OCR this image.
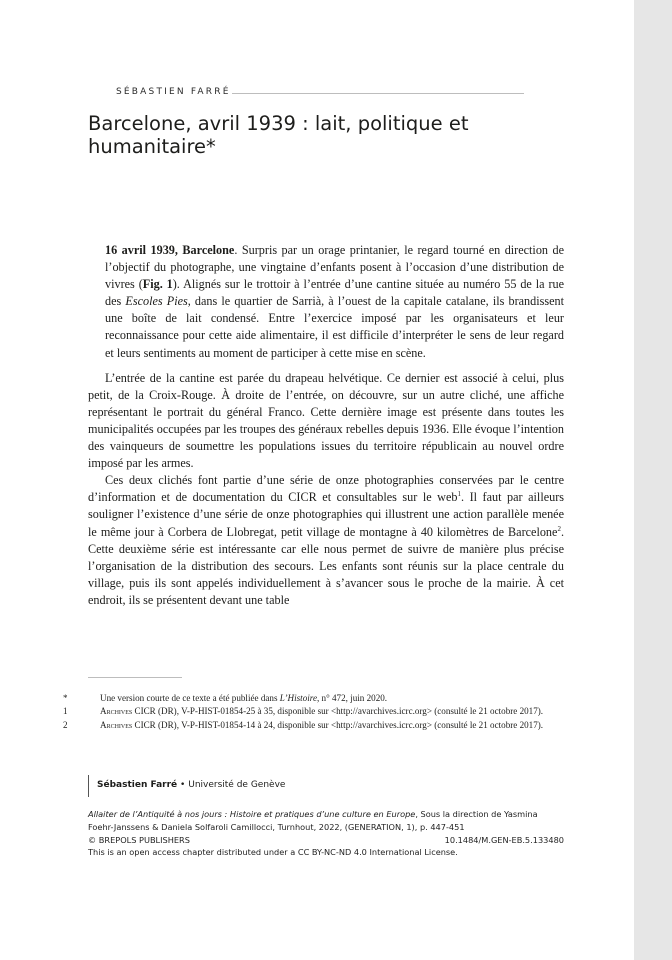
SÉBASTIEN FARRÉ
Barcelone, avril 1939 : lait, politique et
humanitaire*

16 avril 1939, Barcelone. Surpris par un orage printanier, le regard tourné en direction de l’objectif du photographe, une vingtaine d’enfants posent à l’occasion d’une distribution de vivres (Fig. 1). Alignés sur le trottoir à l’entrée d’une cantine située au numéro 55 de la rue des Escoles Pies, dans le quartier de Sarrià, à l’ouest de la capitale catalane, ils brandissent une boîte de lait condensé. Entre l’exercice imposé par les organisateurs et leur reconnaissance pour cette aide alimentaire, il est difficile d’interpréter le sens de leur regard et leurs sentiments au moment de participer à cette mise en scène.

L’entrée de la cantine est parée du drapeau helvétique. Ce dernier est associé à celui, plus petit, de la Croix-Rouge. À droite de l’entrée, on découvre, sur un autre cliché, une affiche représentant le portrait du général Franco. Cette dernière image est présente dans toutes les municipalités occupées par les troupes des généraux rebelles depuis 1936. Elle évoque l’intention des vainqueurs de soumettre les populations issues du territoire républicain au nouvel ordre imposé par les armes.

Ces deux clichés font partie d’une série de onze photographies conservées par le centre d’information et de documentation du CICR et consultables sur le web$^1$. Il faut par ailleurs souligner l’existence d’une série de onze photographies qui illustrent une action parallèle menée le même jour à Corbera de Llobregat, petit village de montagne à 40 kilomètres de Barcelone$^2$. Cette deuxième série est intéressante car elle nous permet de suivre de manière plus précise l’organisation de la distribution des secours. Les enfants sont réunis sur la place centrale du village, puis ils sont appelés individuellement à s’avancer sous le proche de la mairie. À cet endroit, ils se présentent devant une table

*	Une version courte de ce texte a été publiée dans L’Histoire, n° 472, juin 2020.
1	Archives CICR (DR), V-P-HIST-01854-25 à 35, disponible sur <http://avarchives.icrc.org> (consulté le 21 octobre 2017).
2	Archives CICR (DR), V-P-HIST-01854-14 à 24, disponible sur <http://avarchives.icrc.org> (consulté le 21 octobre 2017).
Sébastien Farré • Université de Genève
Allaiter de l’Antiquité à nos jours : Histoire et pratiques d’une culture en Europe, Sous la direction de Yasmina Foehr-Janssens & Daniela Solfaroli Camillocci, Turnhout, 2022, (GENERATION, 1), p. 447-451
© BREPOLS PUBLISHERS	10.1484/M.GEN-EB.5.133480
This is an open access chapter distributed under a CC BY-NC-ND 4.0 International License.
